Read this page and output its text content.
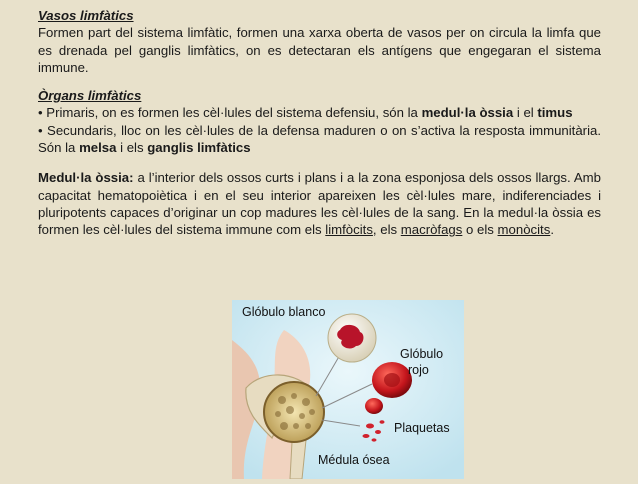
Vasos limfàtics

Formen part del sistema limfàtic, formen una xarxa oberta de vasos per on circula la limfa que es drenada pel ganglis limfàtics, on es detectaran els antígens que engegaran el sistema immune.

Òrgans limfàtics

• Primaris, on es formen les cèl·lules del sistema defensiu, són la medul·la òssia i el timus

• Secundaris, lloc on les cèl·lules de la defensa maduren o on s’activa la resposta immunitària. Són la melsa i els ganglis limfàtics

Medul·la òssia: a l’interior dels ossos curts i plans i a la zona esponjosa dels ossos llargs. Amb capacitat hematopoiètica i en el seu interior apareixen les cèl·lules mare, indiferenciades i pluripotents capaces d’originar un cop madures les cèl·lules de la sang. En la medul·la òssia es formen les cèl·lules del sistema immune com els limfòcits, els macròfags o els monòcits.

Glóbulo blanco
Glóbulo
rojo
Plaquetas
Médula ósea
